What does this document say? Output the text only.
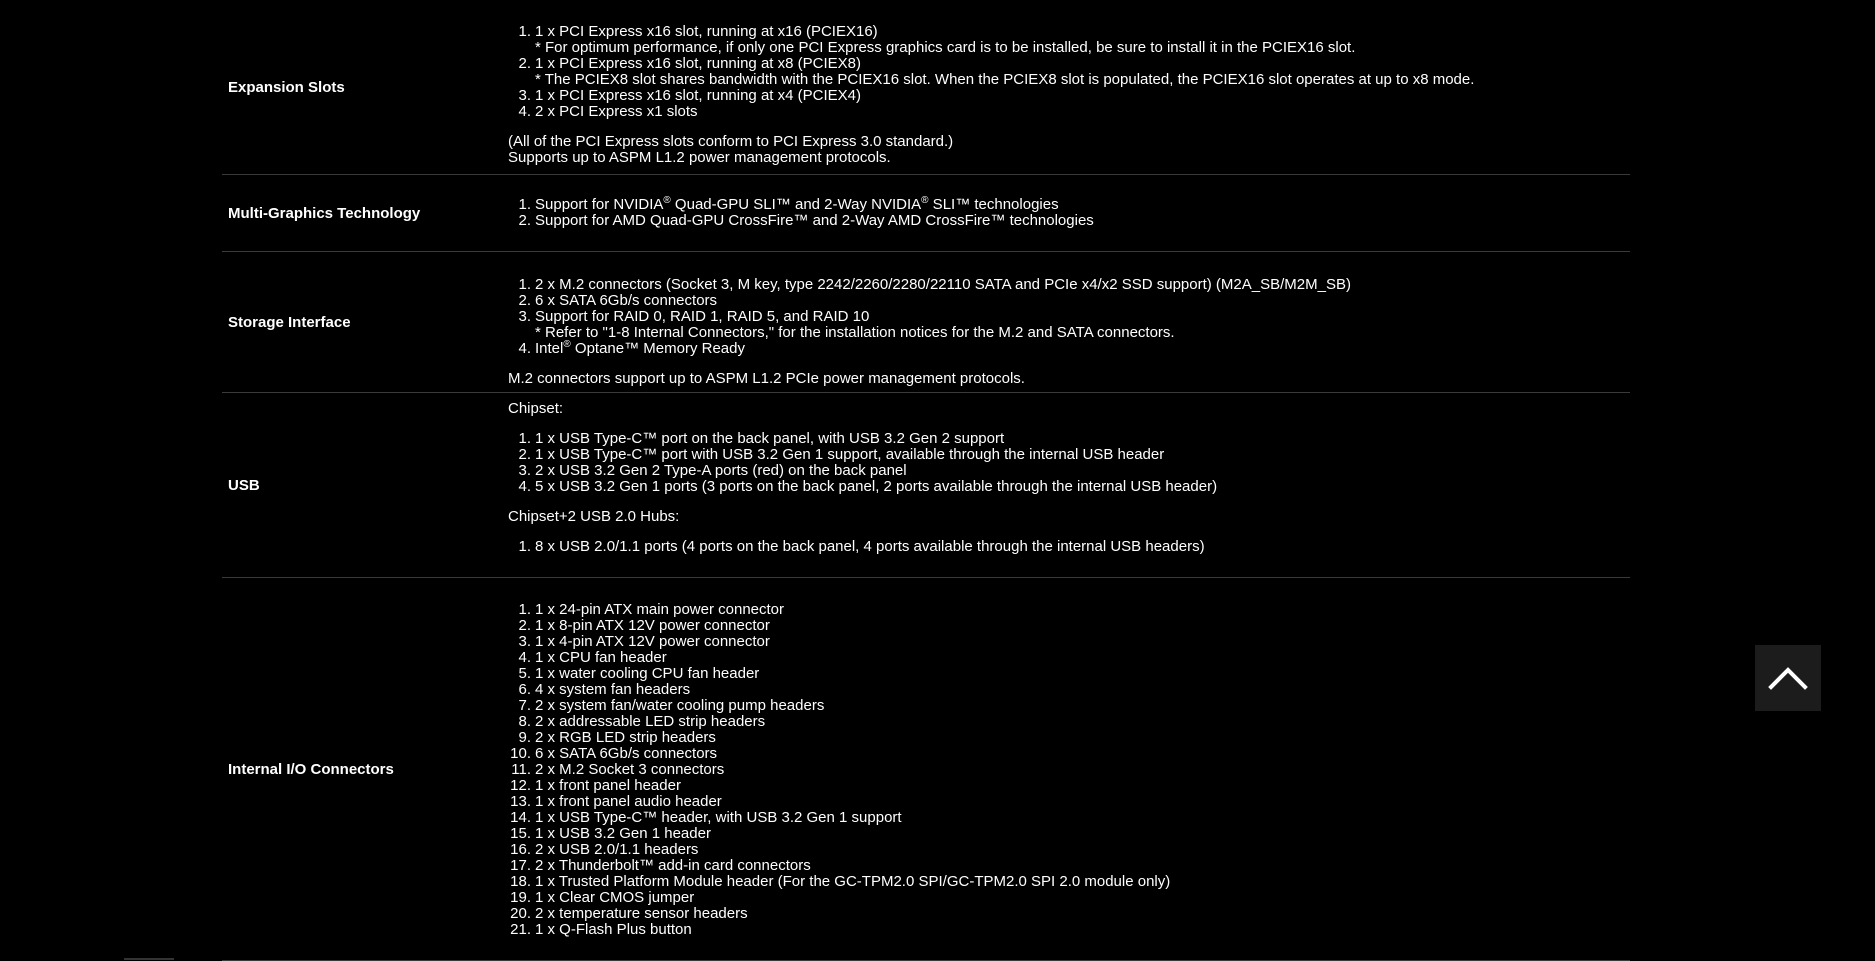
Expansion Slots
1. 1 x PCI Express x16 slot, running at x16 (PCIEX16)
* For optimum performance, if only one PCI Express graphics card is to be installed, be sure to install it in the PCIEX16 slot.
2. 1 x PCI Express x16 slot, running at x8 (PCIEX8)
* The PCIEX8 slot shares bandwidth with the PCIEX16 slot. When the PCIEX8 slot is populated, the PCIEX16 slot operates at up to x8 mode.
3. 1 x PCI Express x16 slot, running at x4 (PCIEX4)
4. 2 x PCI Express x1 slots
(All of the PCI Express slots conform to PCI Express 3.0 standard.)
Supports up to ASPM L1.2 power management protocols.
Multi-Graphics Technology	1. Support for NVIDIA® Quad-GPU SLI™ and 2-Way NVIDIA® SLI™ technologies
2. Support for AMD Quad-GPU CrossFire™ and 2-Way AMD CrossFire™ technologies
Storage Interface
1. 2 x M.2 connectors (Socket 3, M key, type 2242/2260/2280/22110 SATA and PCIe x4/x2 SSD support) (M2A_SB/M2M_SB)
2. 6 x SATA 6Gb/s connectors
3. Support for RAID 0, RAID 1, RAID 5, and RAID 10
* Refer to "1-8 Internal Connectors," for the installation notices for the M.2 and SATA connectors.
4. Intel® Optane™ Memory Ready
M.2 connectors support up to ASPM L1.2 PCIe power management protocols.
USB
Chipset:
1. 1 x USB Type-C™ port on the back panel, with USB 3.2 Gen 2 support
2. 1 x USB Type-C™ port with USB 3.2 Gen 1 support, available through the internal USB header
3. 2 x USB 3.2 Gen 2 Type-A ports (red) on the back panel
4. 5 x USB 3.2 Gen 1 ports (3 ports on the back panel, 2 ports available through the internal USB header)
Chipset+2 USB 2.0 Hubs:
1. 8 x USB 2.0/1.1 ports (4 ports on the back panel, 4 ports available through the internal USB headers)
Internal I/O Connectors
1. 1 x 24-pin ATX main power connector
2. 1 x 8-pin ATX 12V power connector
3. 1 x 4-pin ATX 12V power connector
4. 1 x CPU fan header
5. 1 x water cooling CPU fan header
6. 4 x system fan headers
7. 2 x system fan/water cooling pump headers
8. 2 x addressable LED strip headers
9. 2 x RGB LED strip headers
10. 6 x SATA 6Gb/s connectors
11. 2 x M.2 Socket 3 connectors
12. 1 x front panel header
13. 1 x front panel audio header
14. 1 x USB Type-C™ header, with USB 3.2 Gen 1 support
15. 1 x USB 3.2 Gen 1 header
16. 2 x USB 2.0/1.1 headers
17. 2 x Thunderbolt™ add-in card connectors
18. 1 x Trusted Platform Module header (For the GC-TPM2.0 SPI/GC-TPM2.0 SPI 2.0 module only)
19. 1 x Clear CMOS jumper
20. 2 x temperature sensor headers
21. 1 x Q-Flash Plus button
